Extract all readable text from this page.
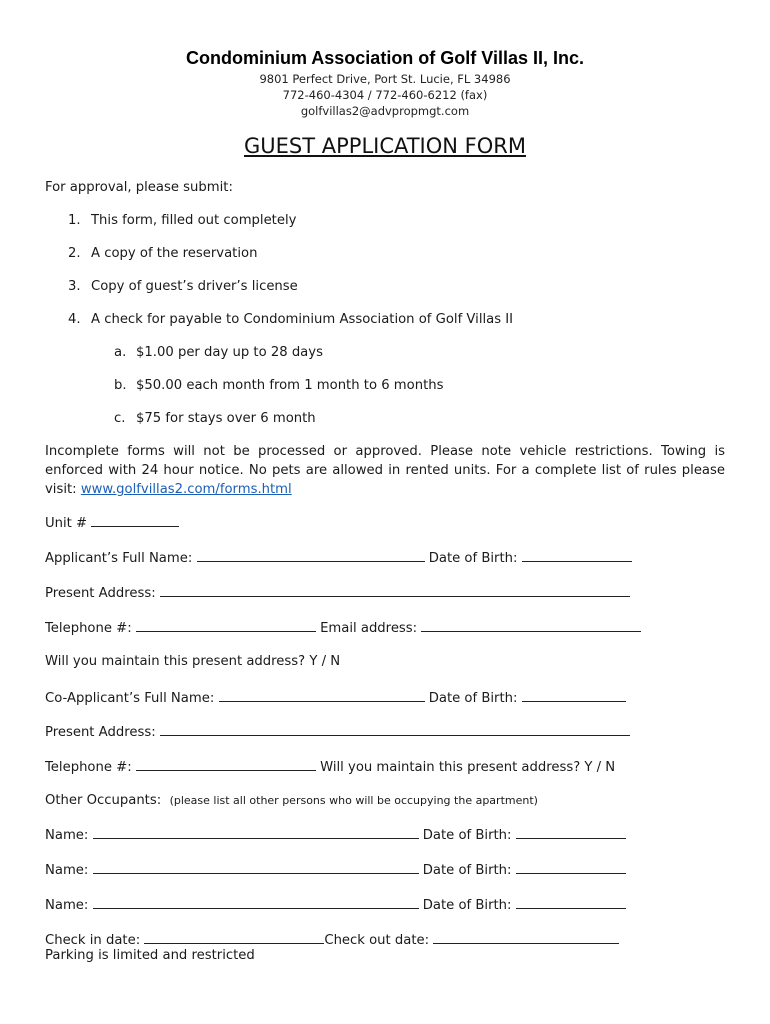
Condominium Association of Golf Villas II, Inc.
9801 Perfect Drive, Port St. Lucie, FL 34986
772-460-4304 / 772-460-6212 (fax)
golfvillas2@advpropmgt.com
GUEST APPLICATION FORM
For approval, please submit:
1. This form, filled out completely
2. A copy of the reservation
3. Copy of guest’s driver’s license
4. A check for payable to Condominium Association of Golf Villas II
a. $1.00 per day up to 28 days
b. $50.00 each month from 1 month to 6 months
c. $75 for stays over 6 month
Incomplete forms will not be processed or approved. Please note vehicle restrictions. Towing is enforced with 24 hour notice. No pets are allowed in rented units. For a complete list of rules please visit: www.golfvillas2.com/forms.html
Unit #
Applicant’s Full Name:	Date of Birth:
Present Address:
Telephone #:	Email address:
Will you maintain this present address? Y / N
Co-Applicant’s Full Name:	Date of Birth:
Present Address:
Telephone #:	Will you maintain this present address? Y / N
Other Occupants: (please list all other persons who will be occupying the apartment)
Name:	Date of Birth:
Name:	Date of Birth:
Name:	Date of Birth:
Check in date:	Check out date:
Parking is limited and restricted
